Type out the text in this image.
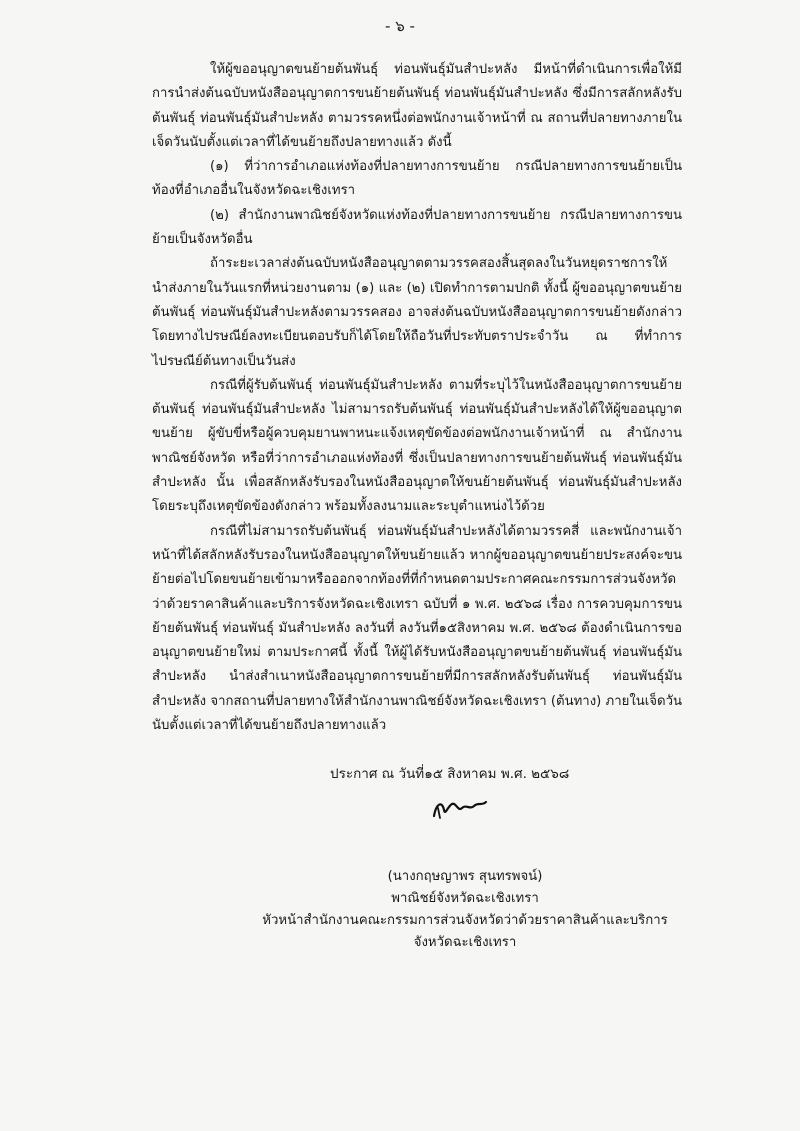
- ๖ -

ให้ผู้ขออนุญาตขนย้ายต้นพันธุ์ ท่อนพันธุ์มันสำปะหลัง มีหน้าที่ดำเนินการเพื่อให้มีการนำส่งต้นฉบับหนังสืออนุญาตการขนย้ายต้นพันธุ์ ท่อนพันธุ์มันสำปะหลัง ซึ่งมีการสลักหลังรับต้นพันธุ์ ท่อนพันธุ์มันสำปะหลัง ตามวรรคหนึ่งต่อพนักงานเจ้าหน้าที่ ณ สถานที่ปลายทางภายในเจ็ดวันนับตั้งแต่เวลาที่ได้ขนย้ายถึงปลายทางแล้ว ดังนี้

(๑) ที่ว่าการอำเภอแห่งท้องที่ปลายทางการขนย้าย กรณีปลายทางการขนย้ายเป็นท้องที่อำเภออื่นในจังหวัดฉะเชิงเทรา

(๒) สำนักงานพาณิชย์จังหวัดแห่งท้องที่ปลายทางการขนย้าย กรณีปลายทางการขนย้ายเป็นจังหวัดอื่น

ถ้าระยะเวลาส่งต้นฉบับหนังสืออนุญาตตามวรรคสองสิ้นสุดลงในวันหยุดราชการให้นำส่งภายในวันแรกที่หน่วยงานตาม (๑) และ (๒) เปิดทำการตามปกติ ทั้งนี้ ผู้ขออนุญาตขนย้ายต้นพันธุ์ ท่อนพันธุ์มันสำปะหลังตามวรรคสอง อาจส่งต้นฉบับหนังสืออนุญาตการขนย้ายดังกล่าวโดยทางไปรษณีย์ลงทะเบียนตอบรับก็ได้โดยให้ถือวันที่ประทับตราประจำวัน ณ ที่ทำการไปรษณีย์ต้นทางเป็นวันส่ง

กรณีที่ผู้รับต้นพันธุ์ ท่อนพันธุ์มันสำปะหลัง ตามที่ระบุไว้ในหนังสืออนุญาตการขนย้ายต้นพันธุ์ ท่อนพันธุ์มันสำปะหลัง ไม่สามารถรับต้นพันธุ์ ท่อนพันธุ์มันสำปะหลังได้ให้ผู้ขออนุญาตขนย้าย ผู้ขับขี่หรือผู้ควบคุมยานพาหนะแจ้งเหตุขัดข้องต่อพนักงานเจ้าหน้าที่ ณ สำนักงานพาณิชย์จังหวัด หรือที่ว่าการอำเภอแห่งท้องที่ ซึ่งเป็นปลายทางการขนย้ายต้นพันธุ์ ท่อนพันธุ์มันสำปะหลัง นั้น เพื่อสลักหลังรับรองในหนังสืออนุญาตให้ขนย้ายต้นพันธุ์ ท่อนพันธุ์มันสำปะหลัง โดยระบุถึงเหตุขัดข้องดังกล่าว พร้อมทั้งลงนามและระบุตำแหน่งไว้ด้วย

กรณีที่ไม่สามารถรับต้นพันธุ์ ท่อนพันธุ์มันสำปะหลังได้ตามวรรคสี่ และพนักงานเจ้าหน้าที่ได้สลักหลังรับรองในหนังสืออนุญาตให้ขนย้ายแล้ว หากผู้ขออนุญาตขนย้ายประสงค์จะขนย้ายต่อไปโดยขนย้ายเข้ามาหรือออกจากท้องที่ที่กำหนดตามประกาศคณะกรรมการส่วนจังหวัดว่าด้วยราคาสินค้าและบริการจังหวัดฉะเชิงเทรา ฉบับที่ ๑ พ.ศ. ๒๕๖๘ เรื่อง การควบคุมการขนย้ายต้นพันธุ์ ท่อนพันธุ์ มันสำปะหลัง ลงวันที่ ลงวันที่๑๕สิงหาคม พ.ศ. ๒๕๖๘ ต้องดำเนินการขออนุญาตขนย้ายใหม่ ตามประกาศนี้ ทั้งนี้ ให้ผู้ได้รับหนังสืออนุญาตขนย้ายต้นพันธุ์ ท่อนพันธุ์มันสำปะหลัง นำส่งสำเนาหนังสืออนุญาตการขนย้ายที่มีการสลักหลังรับต้นพันธุ์ ท่อนพันธุ์มันสำปะหลัง จากสถานที่ปลายทางให้สำนักงานพาณิชย์จังหวัดฉะเชิงเทรา (ต้นทาง) ภายในเจ็ดวันนับตั้งแต่เวลาที่ได้ขนย้ายถึงปลายทางแล้ว

ประกาศ ณ วันที่๑๕ สิงหาคม พ.ศ. ๒๕๖๘
(นางกฤษญาพร สุนทรพจน์)
พาณิชย์จังหวัดฉะเชิงเทรา
หัวหน้าสำนักงานคณะกรรมการส่วนจังหวัดว่าด้วยราคาสินค้าและบริการ
จังหวัดฉะเชิงเทรา
